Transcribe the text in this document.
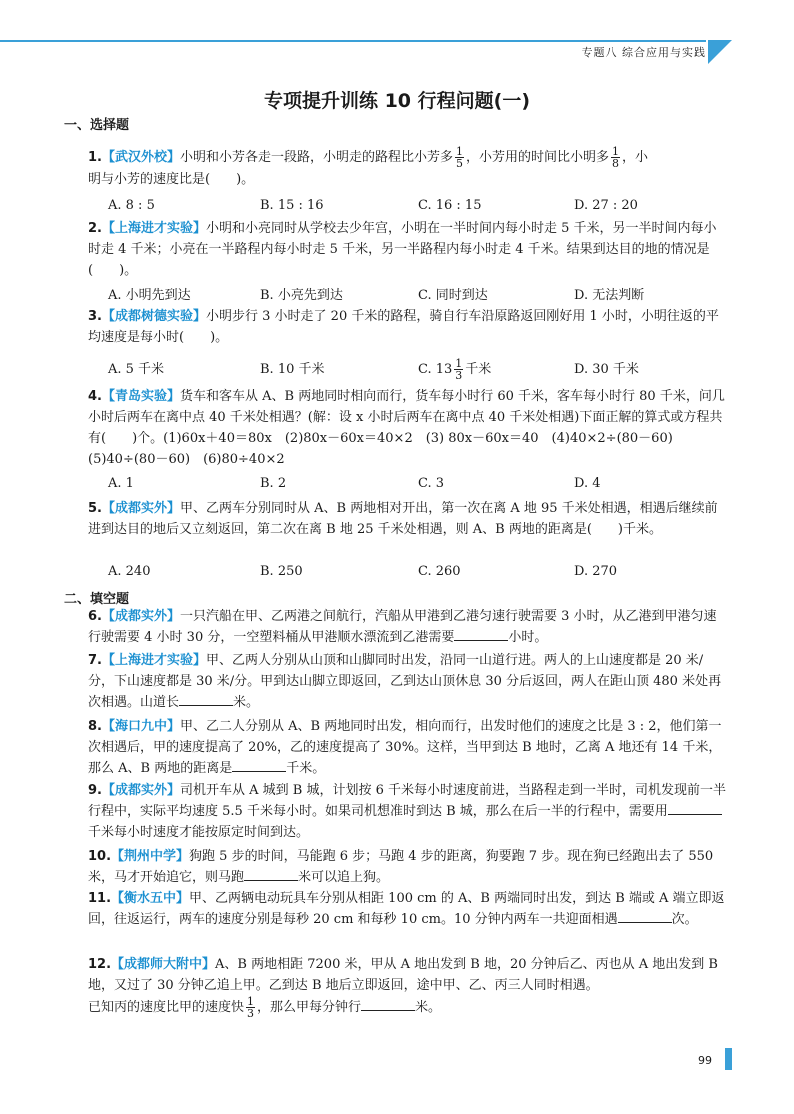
专题八 综合应用与实践
专项提升训练 10 行程问题(一)
一、选择题
1.【武汉外校】小明和小芳各走一段路，小明走的路程比小芳多 $\frac{1}{5}$ ，小芳用的时间比小明多 $\frac{1}{8}$ ，小
明与小芳的速度比是(　　)。
A. 8 : 5	B. 15 : 16	C. 16 : 15	D. 27 : 20
2.【上海进才实验】小明和小亮同时从学校去少年宫，小明在一半时间内每小时走 5 千米，另一半时间内每小时走 4 千米；小亮在一半路程内每小时走 5 千米，另一半路程内每小时走 4 千米。结果到达目的地的情况是(　　)。
A. 小明先到达	B. 小亮先到达	C. 同时到达	D. 无法判断
3.【成都树德实验】小明步行 3 小时走了 20 千米的路程，骑自行车沿原路返回刚好用 1 小时，小明往返的平均速度是每小时(　　)。
A. 5 千米	B. 10 千米	C. $13 \frac{1}{3}$ 千米	D. 30 千米
4.【青岛实验】货车和客车从 A、B 两地同时相向而行，货车每小时行 60 千米，客车每小时行 80 千米，问几小时后两车在离中点 40 千米处相遇？(解：设 x 小时后两车在离中点 40 千米处相遇)下面正解的算式或方程共有(　　)个。(1)60x＋40＝80x　(2)80x－60x＝40×2　(3) 80x－60x＝40　(4)40×2÷(80－60)　(5)40÷(80－60)　(6)80÷40×2
A. 1	B. 2	C. 3	D. 4
5.【成都实外】甲、乙两车分别同时从 A、B 两地相对开出，第一次在离 A 地 95 千米处相遇，相遇后继续前进到达目的地后又立刻返回，第二次在离 B 地 25 千米处相遇，则 A、B 两地的距离是(　　)千米。
A. 240	B. 250	C. 260	D. 270
二、填空题
6.【成都实外】一只汽船在甲、乙两港之间航行，汽船从甲港到乙港匀速行驶需要 3 小时，从乙港到甲港匀速行驶需要 4 小时 30 分，一空塑料桶从甲港顺水漂流到乙港需要	小时。
7.【上海进才实验】甲、乙两人分别从山顶和山脚同时出发，沿同一山道行进。两人的上山速度都是 20 米/分，下山速度都是 30 米/分。甲到达山脚立即返回，乙到达山顶休息 30 分后返回，两人在距山顶 480 米处再次相遇。山道长	米。
8.【海口九中】甲、乙二人分别从 A、B 两地同时出发，相向而行，出发时他们的速度之比是 3 : 2，他们第一次相遇后，甲的速度提高了 20%，乙的速度提高了 30%。这样，当甲到达 B 地时，乙离 A 地还有 14 千米，那么 A、B 两地的距离是	千米。
9.【成都实外】司机开车从 A 城到 B 城，计划按 6 千米每小时速度前进，当路程走到一半时，司机发现前一半行程中，实际平均速度 5.5 千米每小时。如果司机想准时到达 B 城，那么在后一半的行程中，需要用千米每小时速度才能按原定时间到达。
10.【荆州中学】狗跑 5 步的时间，马能跑 6 步；马跑 4 步的距离，狗要跑 7 步。现在狗已经跑出去了 550 米，马才开始追它，则马跑	米可以追上狗。
11.【衡水五中】甲、乙两辆电动玩具车分别从相距 100 cm 的 A、B 两端同时出发，到达 B 端或 A 端立即返回，往返运行，两车的速度分别是每秒 20 cm 和每秒 10 cm。10 分钟内两车一共迎面相遇	次。
12.【成都师大附中】A、B 两地相距 7200 米，甲从 A 地出发到 B 地，20 分钟后乙、丙也从 A 地出发到 B 地，又过了 30 分钟乙追上甲。乙到达 B 地后立即返回，途中甲、乙、丙三人同时相遇。
已知丙的速度比甲的速度快 $\frac{1}{3}$ ，那么甲每分钟行	米。
99
